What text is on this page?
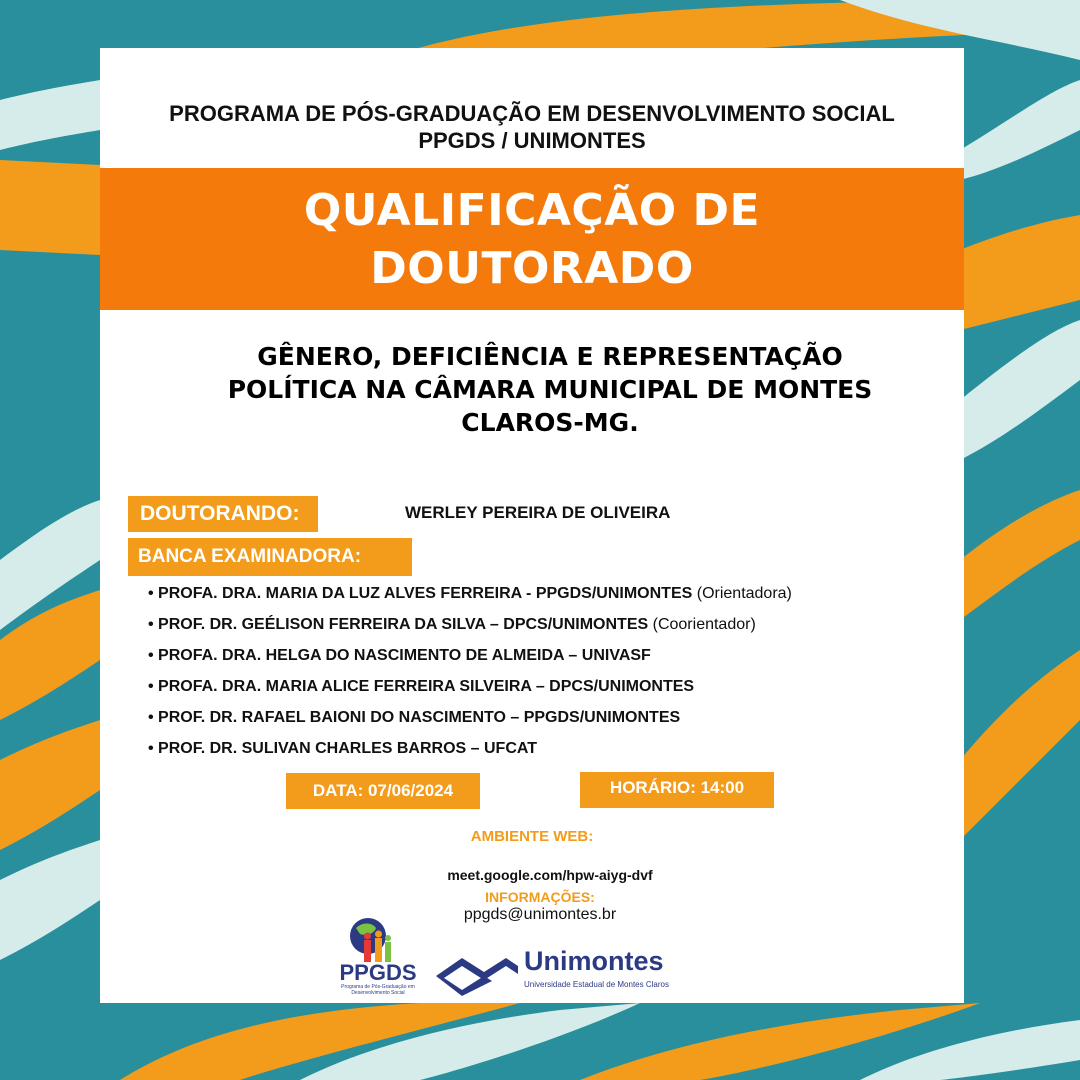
PROGRAMA DE PÓS-GRADUAÇÃO EM DESENVOLVIMENTO SOCIAL
PPGDS / UNIMONTES
QUALIFICAÇÃO DE
DOUTORADO
GÊNERO, DEFICIÊNCIA E REPRESENTAÇÃO
POLÍTICA NA CÂMARA MUNICIPAL DE MONTES
CLAROS-MG.
DOUTORANDO:	WERLEY PEREIRA DE OLIVEIRA
BANCA EXAMINADORA:
• PROFA. DRA. MARIA DA LUZ ALVES FERREIRA - PPGDS/UNIMONTES (Orientadora)
• PROF. DR. GEÉLISON FERREIRA DA SILVA – DPCS/UNIMONTES (Coorientador)
• PROFA. DRA. HELGA DO NASCIMENTO DE ALMEIDA – UNIVASF
• PROFA. DRA. MARIA ALICE FERREIRA SILVEIRA – DPCS/UNIMONTES
• PROF. DR. RAFAEL BAIONI DO NASCIMENTO – PPGDS/UNIMONTES
• PROF. DR. SULIVAN CHARLES BARROS – UFCAT
DATA: 07/06/2024	HORÁRIO: 14:00
AMBIENTE WEB:
meet.google.com/hpw-aiyg-dvf
INFORMAÇÕES:
ppgds@unimontes.br
PPGDS
Programa de Pós-Graduação em
Desenvolvimento Social
Unimontes
Universidade Estadual de Montes Claros
